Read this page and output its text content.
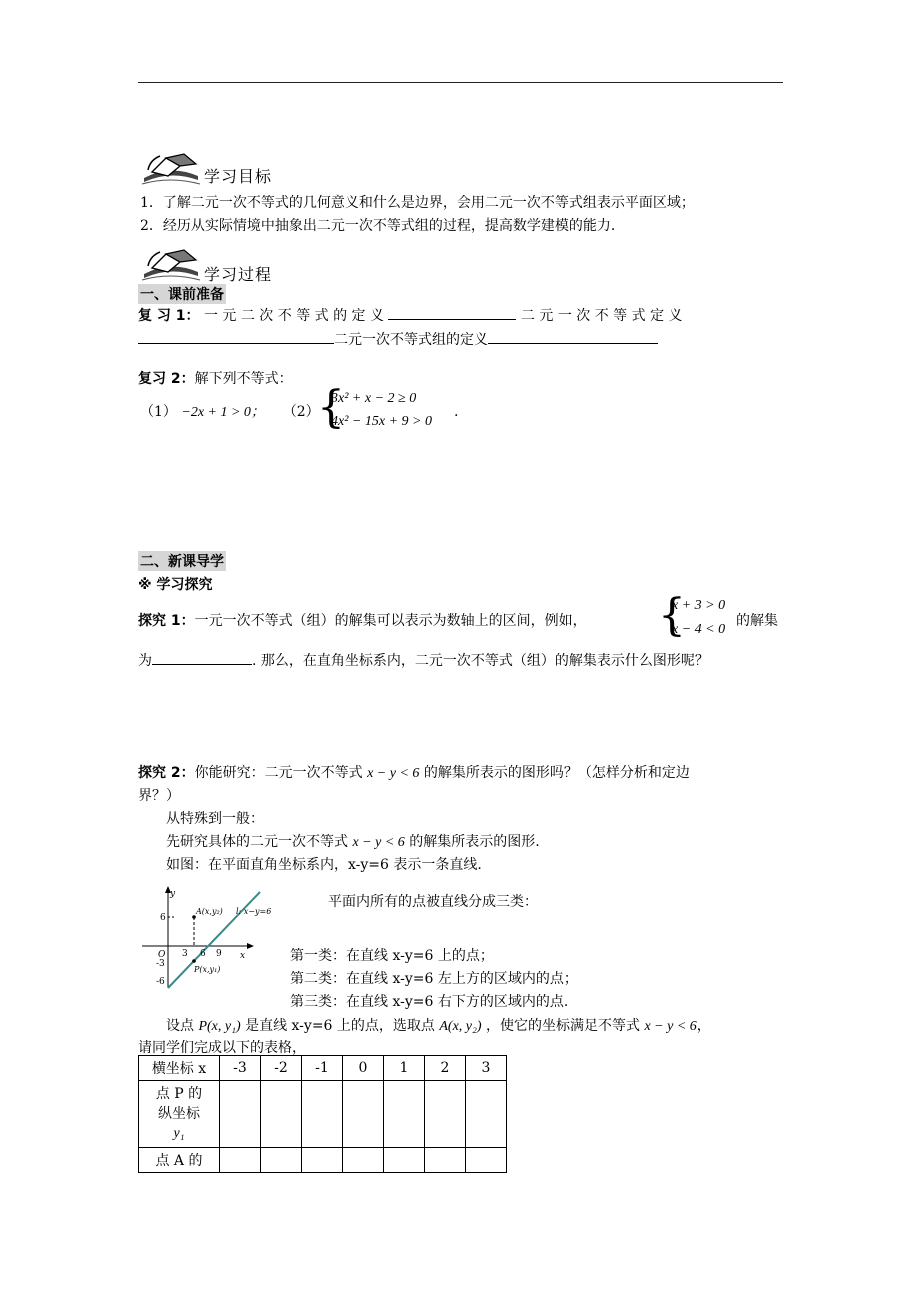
学习目标
1．了解二元一次不等式的几何意义和什么是边界，会用二元一次不等式组表示平面区域；
2．经历从实际情境中抽象出二元一次不等式组的过程，提高数学建模的能力.
学习过程
一、课前准备
复 习 1： 一 元 二 次 不 等 式 的 定 义	二 元 一 次 不 等 式 定 义
二元一次不等式组的定义
复习 2：解下列不等式：
（1） −2x + 1 > 0； （2）
{
3x² + x − 2 ≥ 0
4x² − 15x + 9 > 0
.
二、新课导学
※ 学习探究
探究 1：一元一次不等式（组）的解集可以表示为数轴上的区间，例如， {
x + 3 > 0
x − 4 < 0
的解集
为	. 那么，在直角坐标系内，二元一次不等式（组）的解集表示什么图形呢？
探究 2：你能研究：二元一次不等式 x − y < 6 的解集所表示的图形吗？（怎样分析和定边
界？）
从特殊到一般：
先研究具体的二元一次不等式 x − y < 6 的解集所表示的图形.
如图：在平面直角坐标系内，x-y=6 表示一条直线.
y
x
O
6
-3
-6
3 6 9
A(x,y₂)
P(x,y₁)
l: x−y=6
平面内所有的点被直线分成三类：
第一类：在直线 x-y=6 上的点；
第二类：在直线 x-y=6 左上方的区域内的点；
第三类：在直线 x-y=6 右下方的区域内的点.
设点 P(x, y₁) 是直线 x-y=6 上的点，选取点 A(x, y₂) ，使它的坐标满足不等式 x − y < 6，
请同学们完成以下的表格，
横坐标 x	-3	-2	-1	0	1	2	3

点 P 的
纵坐标
y₁							

点 A 的							
